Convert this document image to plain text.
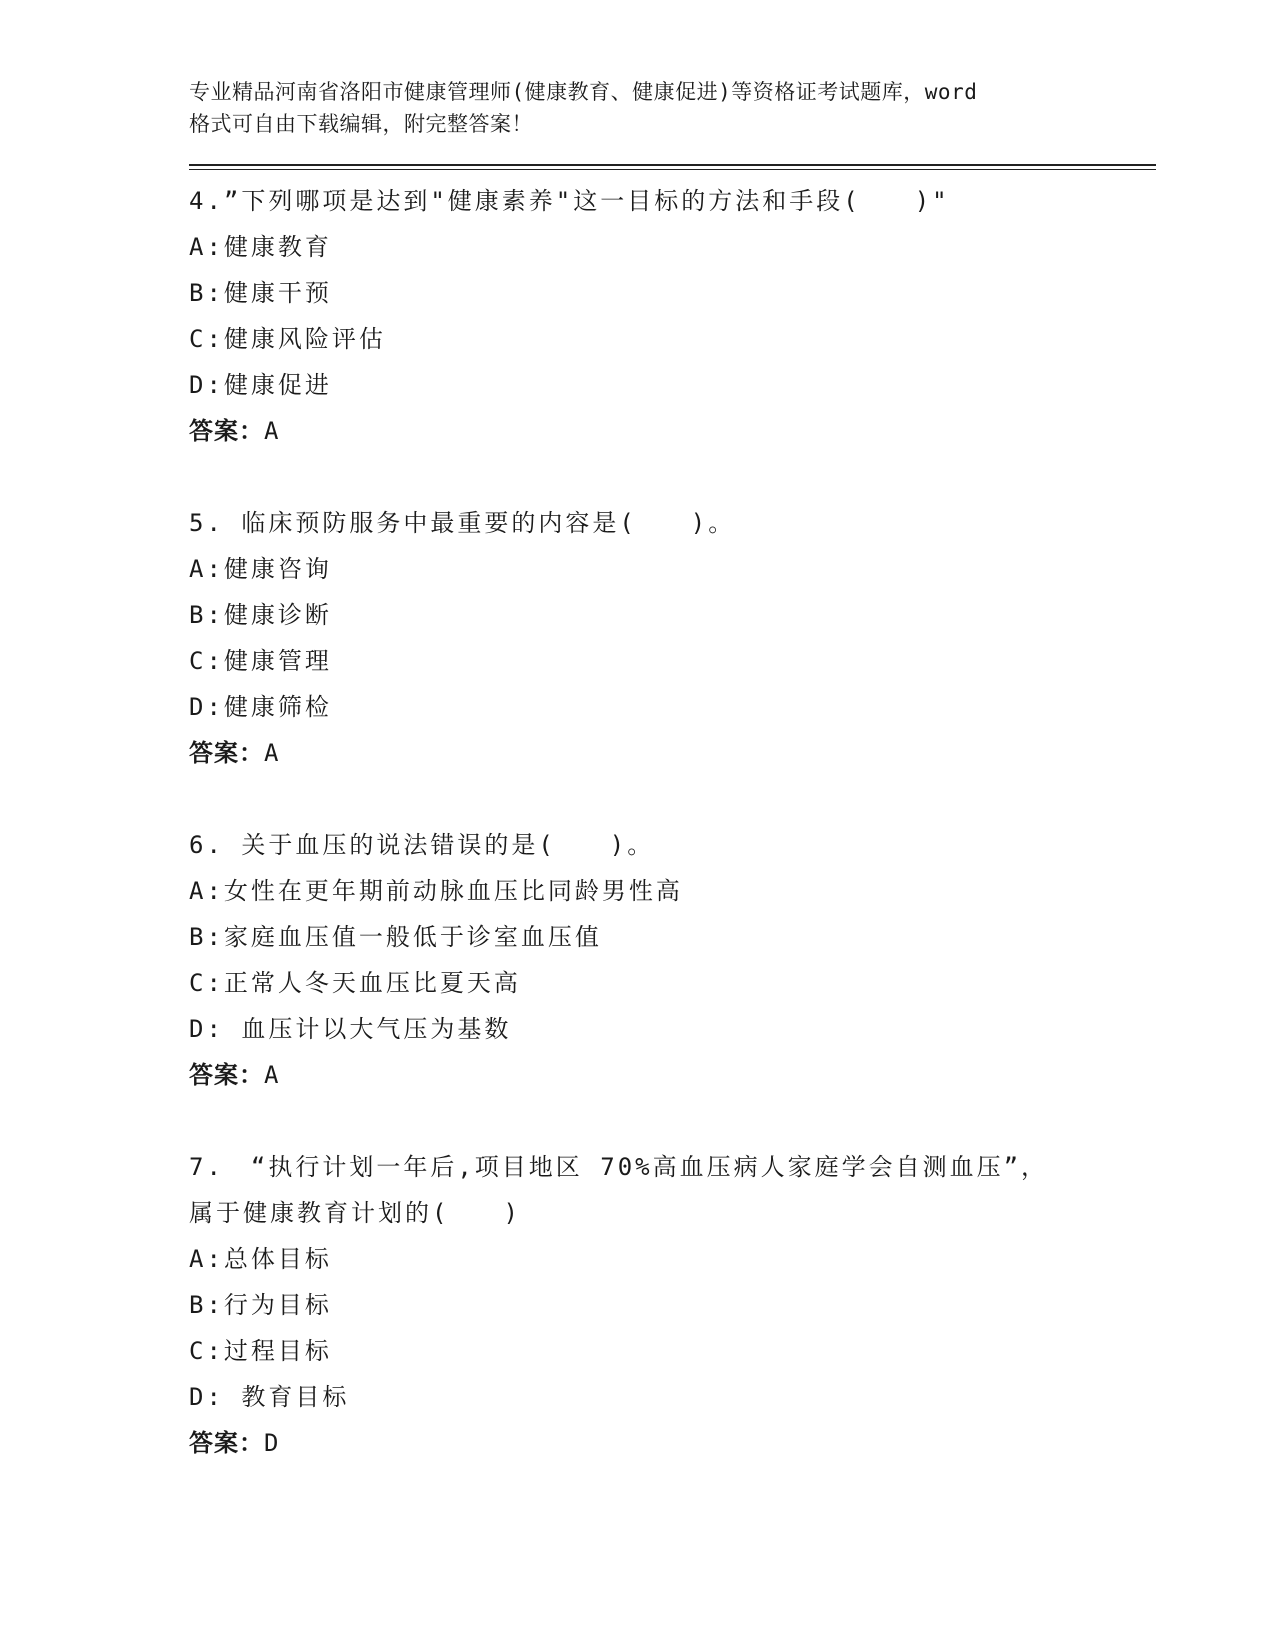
专业精品河南省洛阳市健康管理师(健康教育、健康促进)等资格证考试题库，word
格式可自由下载编辑，附完整答案！
4.”下列哪项是达到"健康素养"这一目标的方法和手段(　　)"
A:健康教育
B:健康干预
C:健康风险评估
D:健康促进
答案：A
5. 临床预防服务中最重要的内容是(　　)。
A:健康咨询
B:健康诊断
C:健康管理
D:健康筛检
答案：A
6. 关于血压的说法错误的是(　　)。
A:女性在更年期前动脉血压比同龄男性高
B:家庭血压值一般低于诊室血压值
C:正常人冬天血压比夏天高
D: 血压计以大气压为基数
答案：A
7.　“执行计划一年后,项目地区 70%高血压病人家庭学会自测血压”，
属于健康教育计划的(　　)
A:总体目标
B:行为目标
C:过程目标
D: 教育目标
答案：D
